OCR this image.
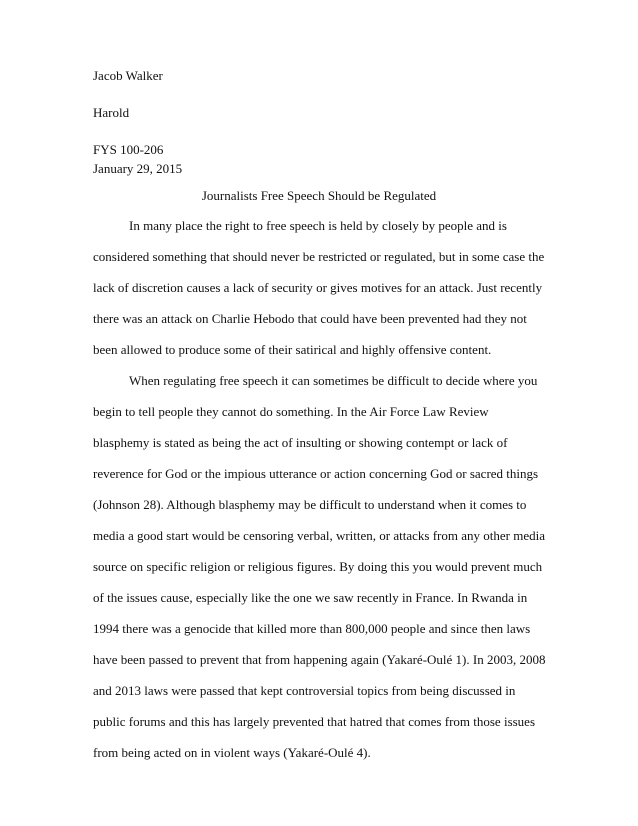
Jacob Walker
Harold
FYS 100-206
January 29, 2015
Journalists Free Speech Should be Regulated

In many place the right to free speech is held by closely by people and is considered something that should never be restricted or regulated, but in some case the lack of discretion causes a lack of security or gives motives for an attack. Just recently there was an attack on Charlie Hebodo that could have been prevented had they not been allowed to produce some of their satirical and highly offensive content.

When regulating free speech it can sometimes be difficult to decide where you begin to tell people they cannot do something. In the Air Force Law Review blasphemy is stated as being the act of insulting or showing contempt or lack of reverence for God or the impious utterance or action concerning God or sacred things (Johnson 28). Although blasphemy may be difficult to understand when it comes to media a good start would be censoring verbal, written, or attacks from any other media source on specific religion or religious figures. By doing this you would prevent much of the issues cause, especially like the one we saw recently in France. In Rwanda in 1994 there was a genocide that killed more than 800,000 people and since then laws have been passed to prevent that from happening again (Yakaré-Oulé 1). In 2003, 2008 and 2013 laws were passed that kept controversial topics from being discussed in public forums and this has largely prevented that hatred that comes from those issues from being acted on in violent ways (Yakaré-Oulé 4).
